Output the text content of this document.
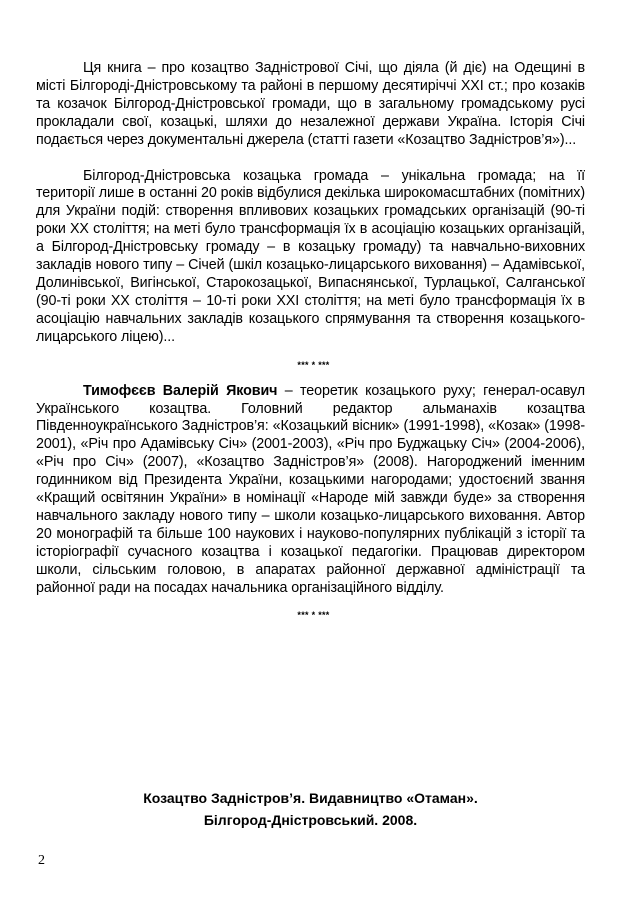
Ця книга – про козацтво Задністрової Січі, що діяла (й діє) на Одещині в місті Білгороді-Дністровському та районі в першому десятиріччі XXI ст.; про козаків та козачок Білгород-Дністровської громади, що в загальному громадському русі прокладали свої, козацькі, шляхи до незалежної держави Україна. Історія Січі подається через документальні джерела (статті газети «Козацтво Задністров’я»)...

Білгород-Дністровська козацька громада – унікальна громада; на її території лише в останні 20 років відбулися декілька широкомасштабних (помітних) для України подій: створення впливових козацьких громадських організацій (90-ті роки XX століття; на меті було трансформація їх в асоціацію козацьких організацій, а Білгород-Дністровську громаду – в козацьку громаду) та навчально-виховних закладів нового типу – Січей (шкіл козацько-лицарського виховання) – Адамівської, Долинівської, Вигінської, Старокозацької, Випаснянської, Турлацької, Салганської (90-ті роки XX століття – 10-ті роки XXI століття; на меті було трансформація їх в асоціацію навчальних закладів козацького спрямування та створення козацького-лицарського ліцею)...

*** * ***

Тимофєєв Валерій Якович – теоретик козацького руху; генерал-осавул Українського козацтва. Головний редактор альманахів козацтва Південноукраїнського Задністров’я: «Козацький вісник» (1991-1998), «Козак» (1998-2001), «Річ про Адамівську Січ» (2001-2003), «Річ про Буджацьку Січ» (2004-2006), «Річ про Січ» (2007), «Козацтво Задністров’я» (2008). Нагороджений іменним годинником від Президента України, козацькими нагородами; удостоєний звання «Кращий освітянин України» в номінації «Народе мій завжди буде» за створення навчального закладу нового типу – школи козацько-лицарського виховання. Автор 20 монографій та більше 100 наукових і науково-популярних публікацій з історії та історіографії сучасного козацтва і козацької педагогіки. Працював директором школи, сільським головою, в апаратах районної державної адміністрації та районної ради на посадах начальника організаційного відділу.

*** * ***

Козацтво Задністров’я. Видавництво «Отаман».
Білгород-Дністровський. 2008.
2
